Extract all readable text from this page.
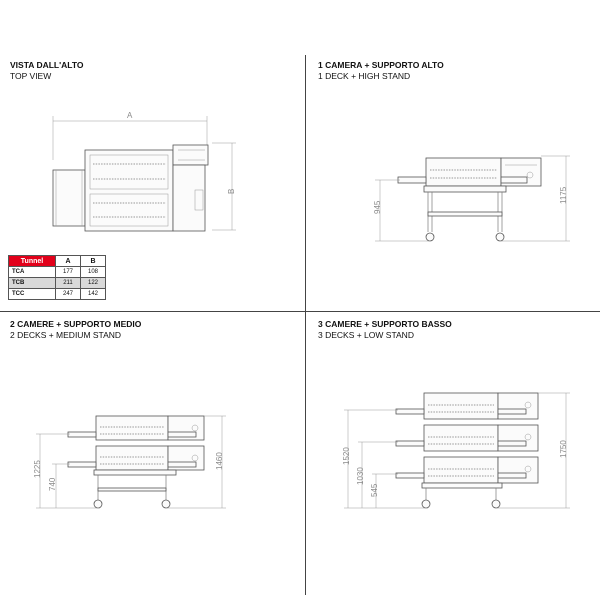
VISTA DALL'ALTO
TOP VIEW
1 CAMERA + SUPPORTO ALTO
1 DECK + HIGH STAND
2 CAMERE + SUPPORTO MEDIO
2 DECKS + MEDIUM STAND
3 CAMERE + SUPPORTO BASSO
3 DECKS + LOW STAND
Tunnel	A	B
TCA	177	108
TCB	211	122
TCC	247	142
A
B
945
1175
1225
740
1460	1520
1030
545
1750
